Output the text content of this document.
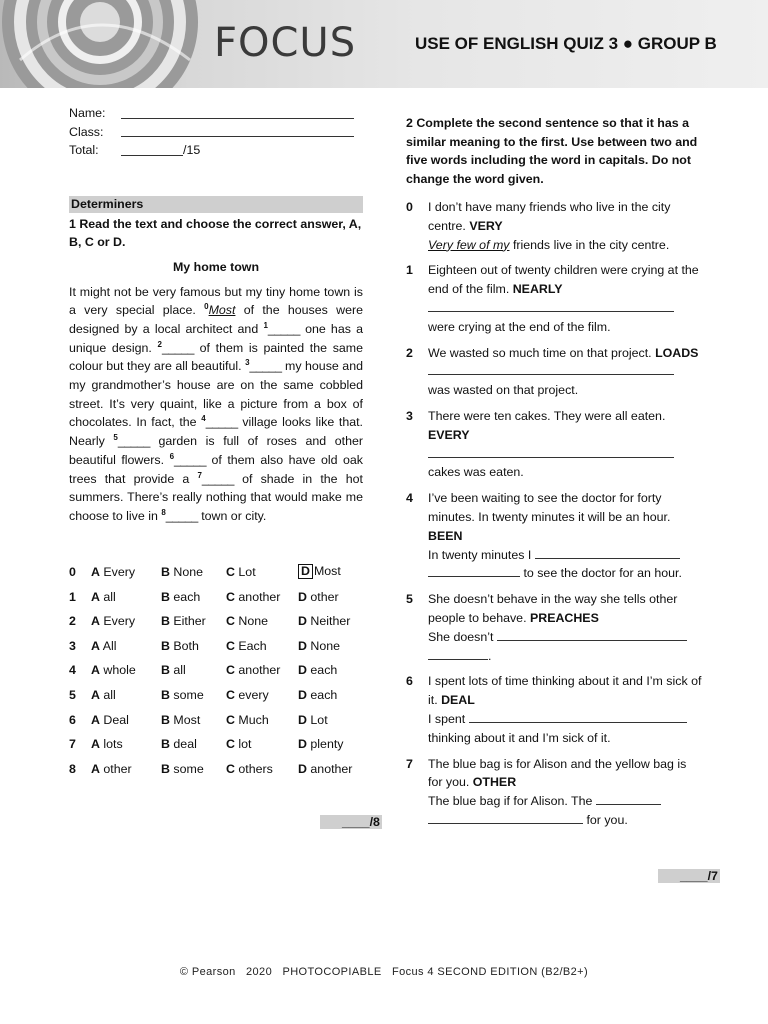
FOCUS	USE OF ENGLISH QUIZ 3 ● GROUP B
Name:
Class:
Total:	/15
Determiners
1 Read the text and choose the correct answer, A, B, C or D.
My home town
It might not be very famous but my tiny home town is a very special place. $^0$Most of the houses were designed by a local architect and $^1$_____ one has a unique design. $^2$_____ of them is painted the same colour but they are all beautiful. $^3$_____ my house and my grandmother’s house are on the same cobbled street. It’s very quaint, like a picture from a box of chocolates. In fact, the $^4$_____ village looks like that. Nearly $^5$_____ garden is full of roses and other beautiful flowers. $^6$_____ of them also have old oak trees that provide a $^7$_____ of shade in the hot summers. There’s really nothing that would make me choose to live in $^8$_____ town or city.
0	A Every	B None	C Lot	D Most
1	A all	B each	C another	D other
2	A Every	B Either	C None	D Neither
3	A All	B Both	C Each	D None
4	A whole	B all	C another	D each
5	A all	B some	C every	D each
6	A Deal	B Most	C Much	D Lot
7	A lots	B deal	C lot	D plenty
8	A other	B some	C others	D another
____/8
2 Complete the second sentence so that it has a similar meaning to the first. Use between two and five words including the word in capitals. Do not change the word given.
0	I don’t have many friends who live in the city centre. VERY
Very few of my friends live in the city centre.
1	Eighteen out of twenty children were crying at the end of the film. NEARLY

were crying at the end of the film.
2	We wasted so much time on that project. LOADS

was wasted on that project.
3	There were ten cakes. They were all eaten. EVERY

cakes was eaten.
4	I’ve been waiting to see the doctor for forty minutes. In twenty minutes it will be an hour. BEEN
In twenty minutes I
to see the doctor for an hour.
5	She doesn’t behave in the way she tells other people to behave. PREACHES
She doesn’t
.
6	I spent lots of time thinking about it and I’m sick of it. DEAL
I spent
thinking about it and I’m sick of it.
7	The blue bag is for Alison and the yellow bag is for you. OTHER
The blue bag if for Alison. The
for you.
____/7
© Pearson 2020 PHOTOCOPIABLE Focus 4 SECOND EDITION (B2/B2+)
